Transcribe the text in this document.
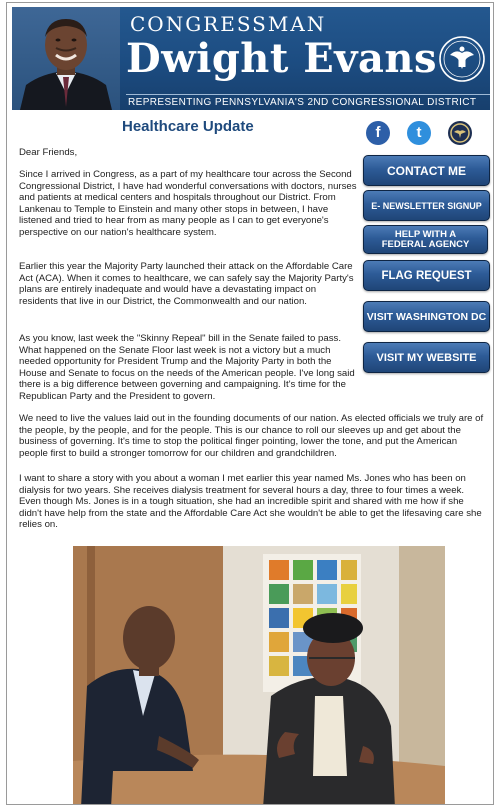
CONGRESSMAN
Dwight Evans
REPRESENTING PENNSYLVANIA'S 2ND CONGRESSIONAL DISTRICT
Healthcare Update	f	t

Dear Friends,

Since I arrived in Congress, as a part of my healthcare tour across the Second Congressional District, I have had wonderful conversations with doctors, nurses and patients at medical centers and hospitals throughout our District. From Lankenau to Temple to Einstein and many other stops in between, I have listened and tried to hear from as many people as I can to get everyone's perspective on our nation's healthcare system.

Earlier this year the Majority Party launched their attack on the Affordable Care Act (ACA). When it comes to healthcare, we can safely say the Majority Party's plans are entirely inadequate and would have a devastating impact on residents that live in our District, the Commonwealth and our nation.

As you know, last week the "Skinny Repeal" bill in the Senate failed to pass. What happened on the Senate Floor last week is not a victory but a much needed opportunity for President Trump and the Majority Party in both the House and Senate to focus on the needs of the American people. I've long said there is a big difference between governing and campaigning. It's time for the Republican Party and the President to govern.

We need to live the values laid out in the founding documents of our nation. As elected officials we truly are of the people, by the people, and for the people. This is our chance to roll our sleeves up and get about the business of governing. It's time to stop the political finger pointing, lower the tone, and put the American people first to build a stronger tomorrow for our children and grandchildren.

I want to share a story with you about a woman I met earlier this year named Ms. Jones who has been on dialysis for two years. She receives dialysis treatment for several hours a day, three to four times a week. Even though Ms. Jones is in a tough situation, she had an incredible spirit and shared with me how if she didn't have help from the state and the Affordable Care Act she wouldn't be able to get the lifesaving care she relies on.

CONTACT ME
E- NEWSLETTER SIGNUP
HELP WITH A FEDERAL AGENCY
FLAG REQUEST
VISIT WASHINGTON DC
VISIT MY WEBSITE
